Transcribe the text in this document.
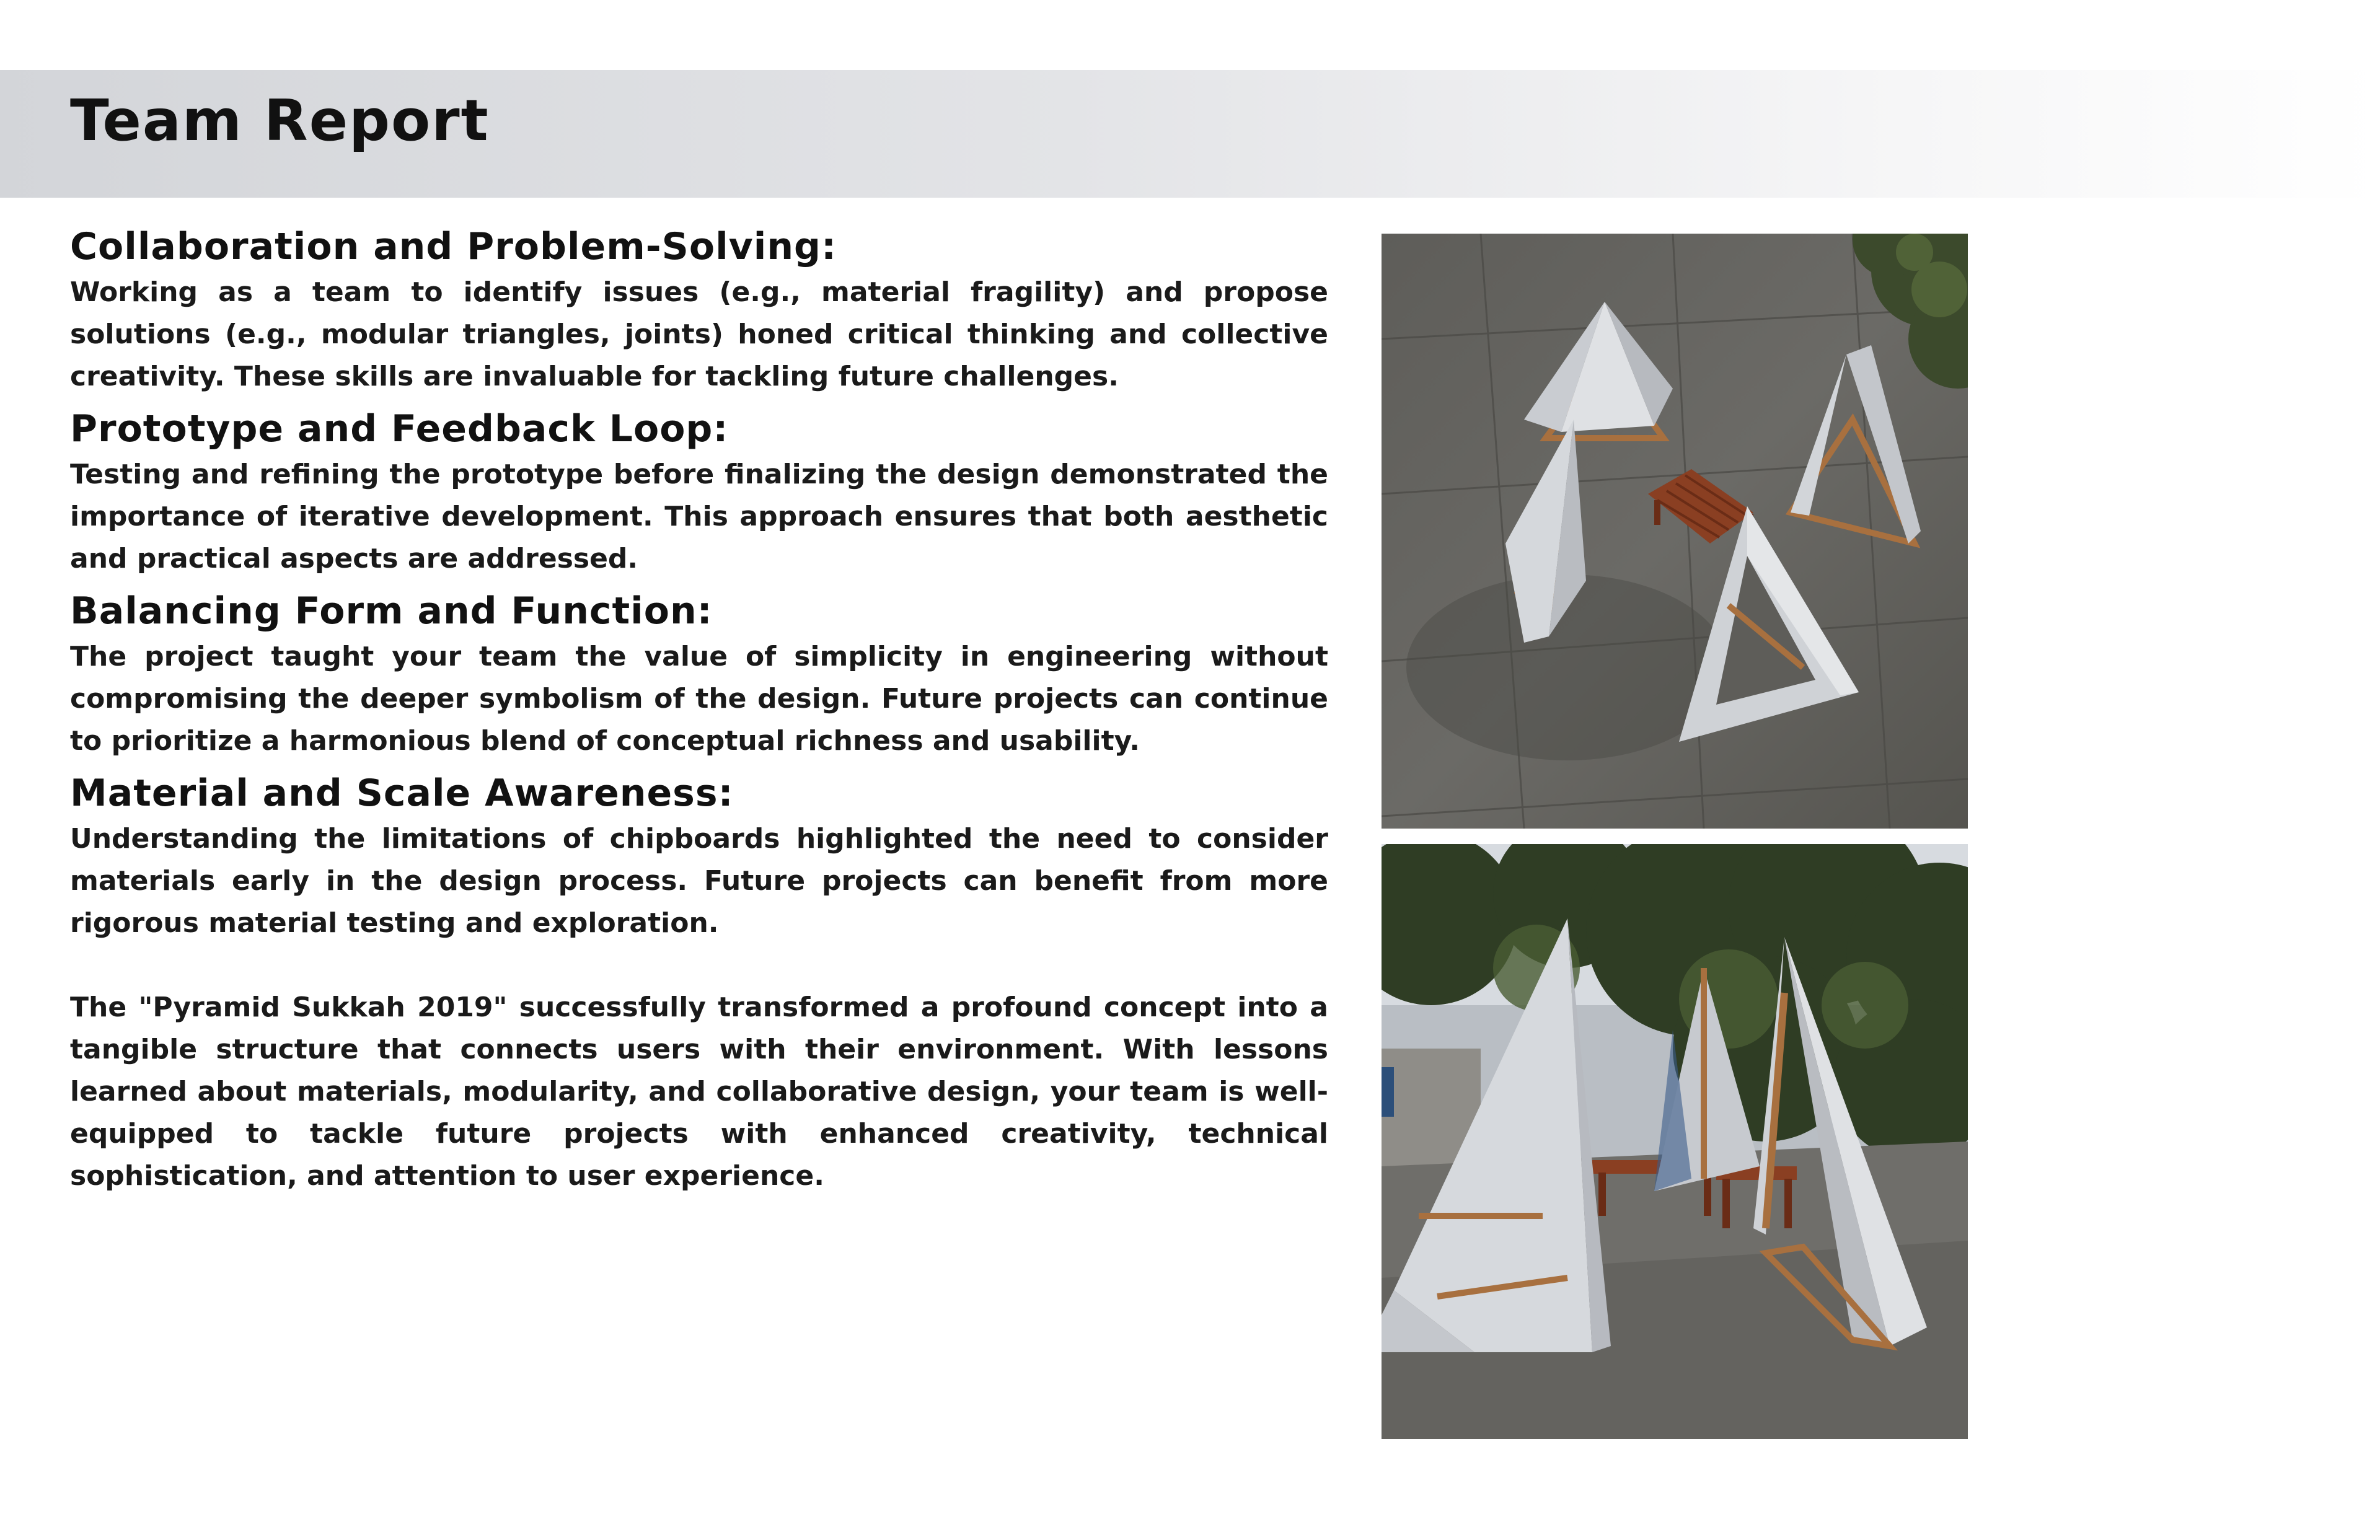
Team Report
Collaboration and Problem-Solving:

Working as a team to identify issues (e.g., material fragility) and propose solutions (e.g., modular triangles, joints) honed critical thinking and collective creativity. These skills are invaluable for tackling future challenges.

Prototype and Feedback Loop:

Testing and refining the prototype before finalizing the design demonstrated the importance of iterative development. This approach ensures that both aesthetic and practical aspects are addressed.

Balancing Form and Function:

The project taught your team the value of simplicity in engineering without compromising the deeper symbolism of the design. Future projects can continue to prioritize a harmonious blend of conceptual richness and usability.

Material and Scale Awareness:

Understanding the limitations of chipboards highlighted the need to consider materials early in the design process. Future projects can benefit from more rigorous material testing and exploration.

The "Pyramid Sukkah 2019" successfully transformed a profound concept into a tangible structure that connects users with their environment. With lessons learned about materials, modularity, and collaborative design, your team is well-equipped to tackle future projects with enhanced creativity, technical sophistication, and attention to user experience.
